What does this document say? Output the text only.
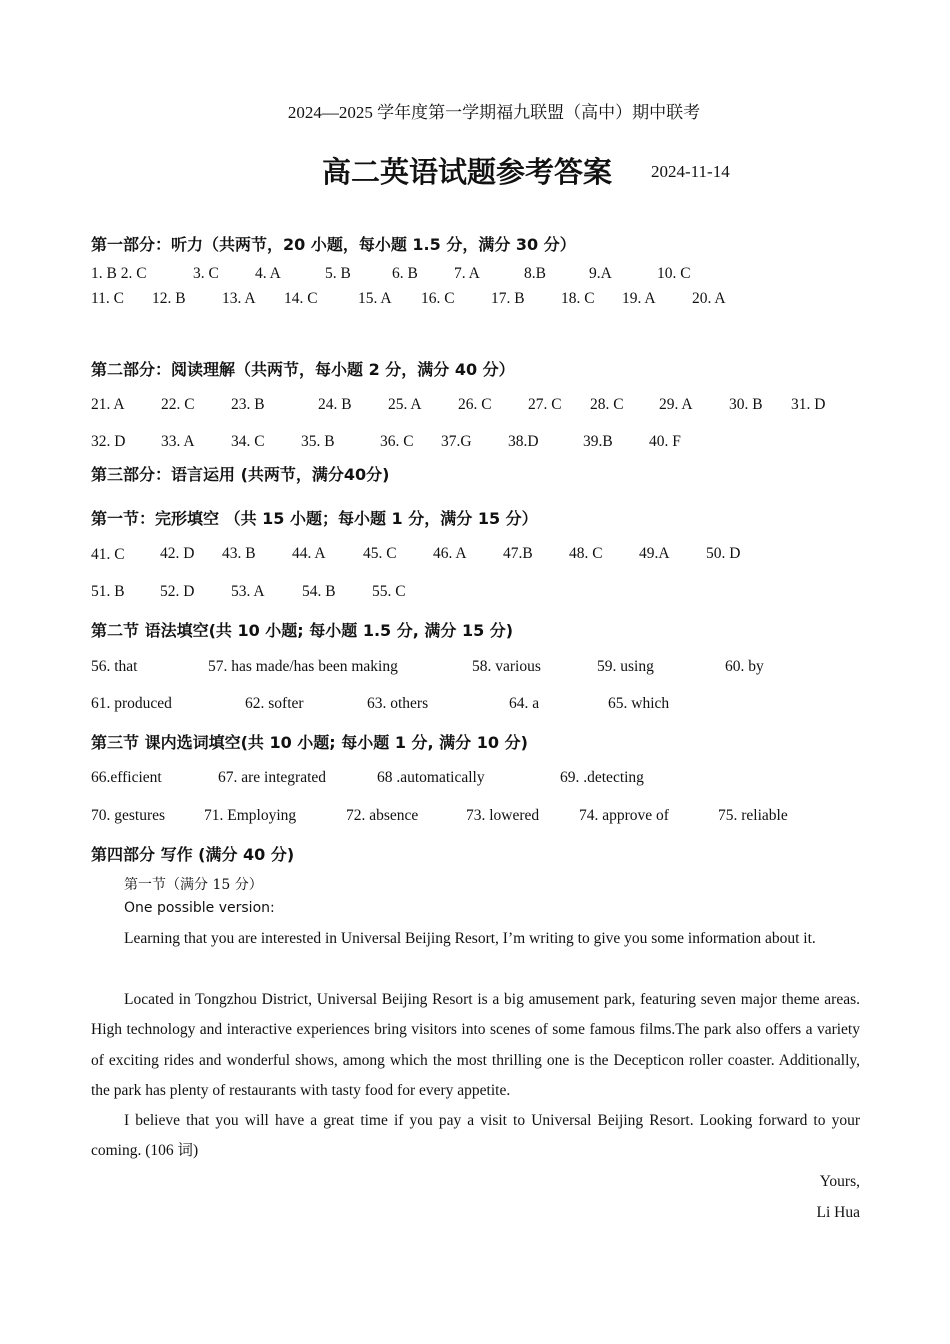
2024—2025 学年度第一学期福九联盟（高中）期中联考
高二英语试题参考答案 2024-11-14
第一部分：听力（共两节，20 小题，每小题 1.5 分，满分 30 分）
1. B 2. C	3. C 4. A	5. B	6. B 7. A	8.B	9.A	10. C
11. C 12. B 13. A 14. C	15. A 16. C 17. B 18. C 19. A 20. A
第二部分：阅读理解（共两节，每小题 2 分，满分 40 分）
21. A 22. C 23. B	24. B 25. A 26. C 27. C 28. C 29. A 30. B 31. D
32. D 33. A 34. C 35. B	36. C 37.G 38.D	39.B 40. F
第三部分：语言运用 (共两节，满分40分)
第一节：完形填空 （共 15 小题；每小题 1 分，满分 15 分）
41. C 42. D 43. B 44. A 45. C 46. A 47.B 48. C 49.A 50. D
51. B 52. D 53. A 54. B 55. C
第二节 语法填空(共 10 小题; 每小题 1.5 分, 满分 15 分)
56. that	57. has made/has been making	58. various	59. using	60. by
61. produced	62. softer	63. others	64. a	65. which
第三节 课内选词填空(共 10 小题; 每小题 1 分, 满分 10 分)
66.efficient	67. are integrated	68 .automatically	69. .detecting
70. gestures	71. Employing	72. absence	73. lowered	74. approve of	75. reliable
第四部分 写作 (满分 40 分)
第一节（满分 15 分）
One possible version:
Learning that you are interested in Universal Beijing Resort, I’m writing to give you some information about it.
Located in Tongzhou District, Universal Beijing Resort is a big amusement park, featuring seven major theme areas. High technology and interactive experiences bring visitors into scenes of some famous films.The park also offers a variety of exciting rides and wonderful shows, among which the most thrilling one is the Decepticon roller coaster. Additionally, the park has plenty of restaurants with tasty food for every appetite.
I believe that you will have a great time if you pay a visit to Universal Beijing Resort. Looking forward to your coming. (106 词)
Yours,
Li Hua
